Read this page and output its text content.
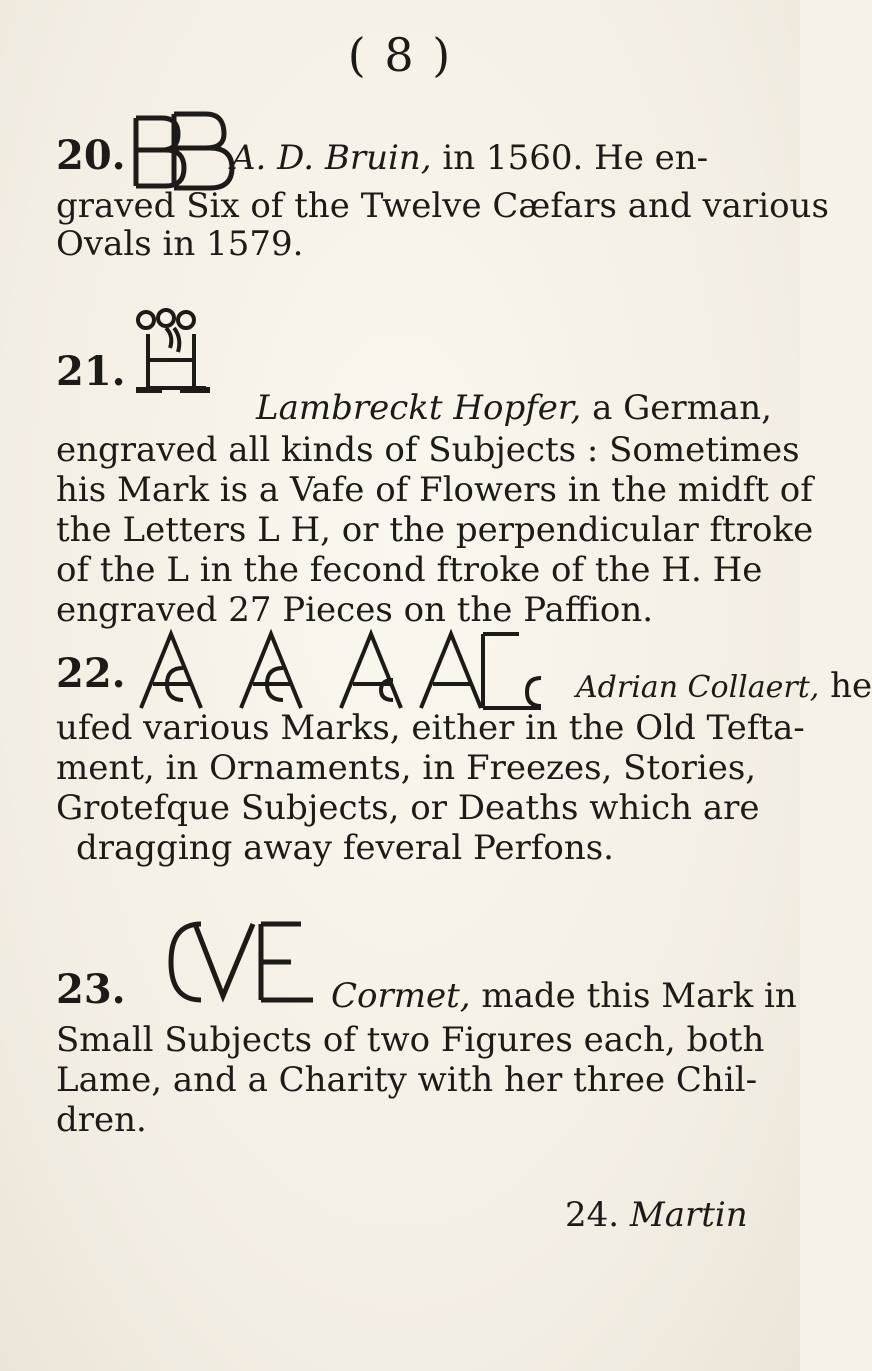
( 8 )
20.	A. D. Bruin, in 1560. He en-
graved Six of the Twelve Cæfars and various
Ovals in 1579.
21.
Lambreckt Hopfer, a German,
engraved all kinds of Subjects : Sometimes
his Mark is a Vafe of Flowers in the midft of
the Letters L H, or the perpendicular ftroke
of the L in the fecond ftroke of the H. He
engraved 27 Pieces on the Paffion.
22.	Adrian Collaert, he
ufed various Marks, either in the Old Tefta-
ment, in Ornaments, in Freezes, Stories,
Grotefque Subjects, or Deaths which are
dragging away feveral Perfons.
23.	Cormet, made this Mark in
Small Subjects of two Figures each, both
Lame, and a Charity with her three Chil-
dren.
24. Martin
